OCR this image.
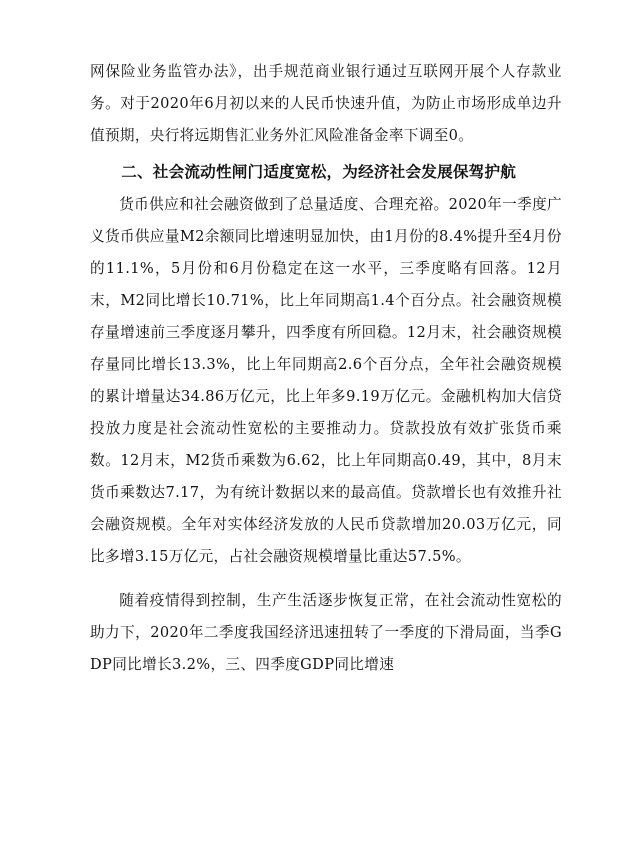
网保险业务监管办法》，出手规范商业银行通过互联网开展个人存款业务。对于2020年6月初以来的人民币快速升值，为防止市场形成单边升值预期，央行将远期售汇业务外汇风险准备金率下调至0。

二、社会流动性闸门适度宽松，为经济社会发展保驾护航

货币供应和社会融资做到了总量适度、合理充裕。2020年一季度广义货币供应量M2余额同比增速明显加快，由1月份的8.4%提升至4月份的11.1%，5月份和6月份稳定在这一水平，三季度略有回落。12月末，M2同比增长10.71%，比上年同期高1.4个百分点。社会融资规模存量增速前三季度逐月攀升，四季度有所回稳。12月末，社会融资规模存量同比增长13.3%，比上年同期高2.6个百分点，全年社会融资规模的累计增量达34.86万亿元，比上年多9.19万亿元。金融机构加大信贷投放力度是社会流动性宽松的主要推动力。贷款投放有效扩张货币乘数。12月末，M2货币乘数为6.62，比上年同期高0.49，其中，8月末货币乘数达7.17，为有统计数据以来的最高值。贷款增长也有效推升社会融资规模。全年对实体经济发放的人民币贷款增加20.03万亿元，同比多增3.15万亿元，占社会融资规模增量比重达57.5%。

随着疫情得到控制，生产生活逐步恢复正常，在社会流动性宽松的助力下，2020年二季度我国经济迅速扭转了一季度的下滑局面，当季GDP同比增长3.2%，三、四季度GDP同比增速
